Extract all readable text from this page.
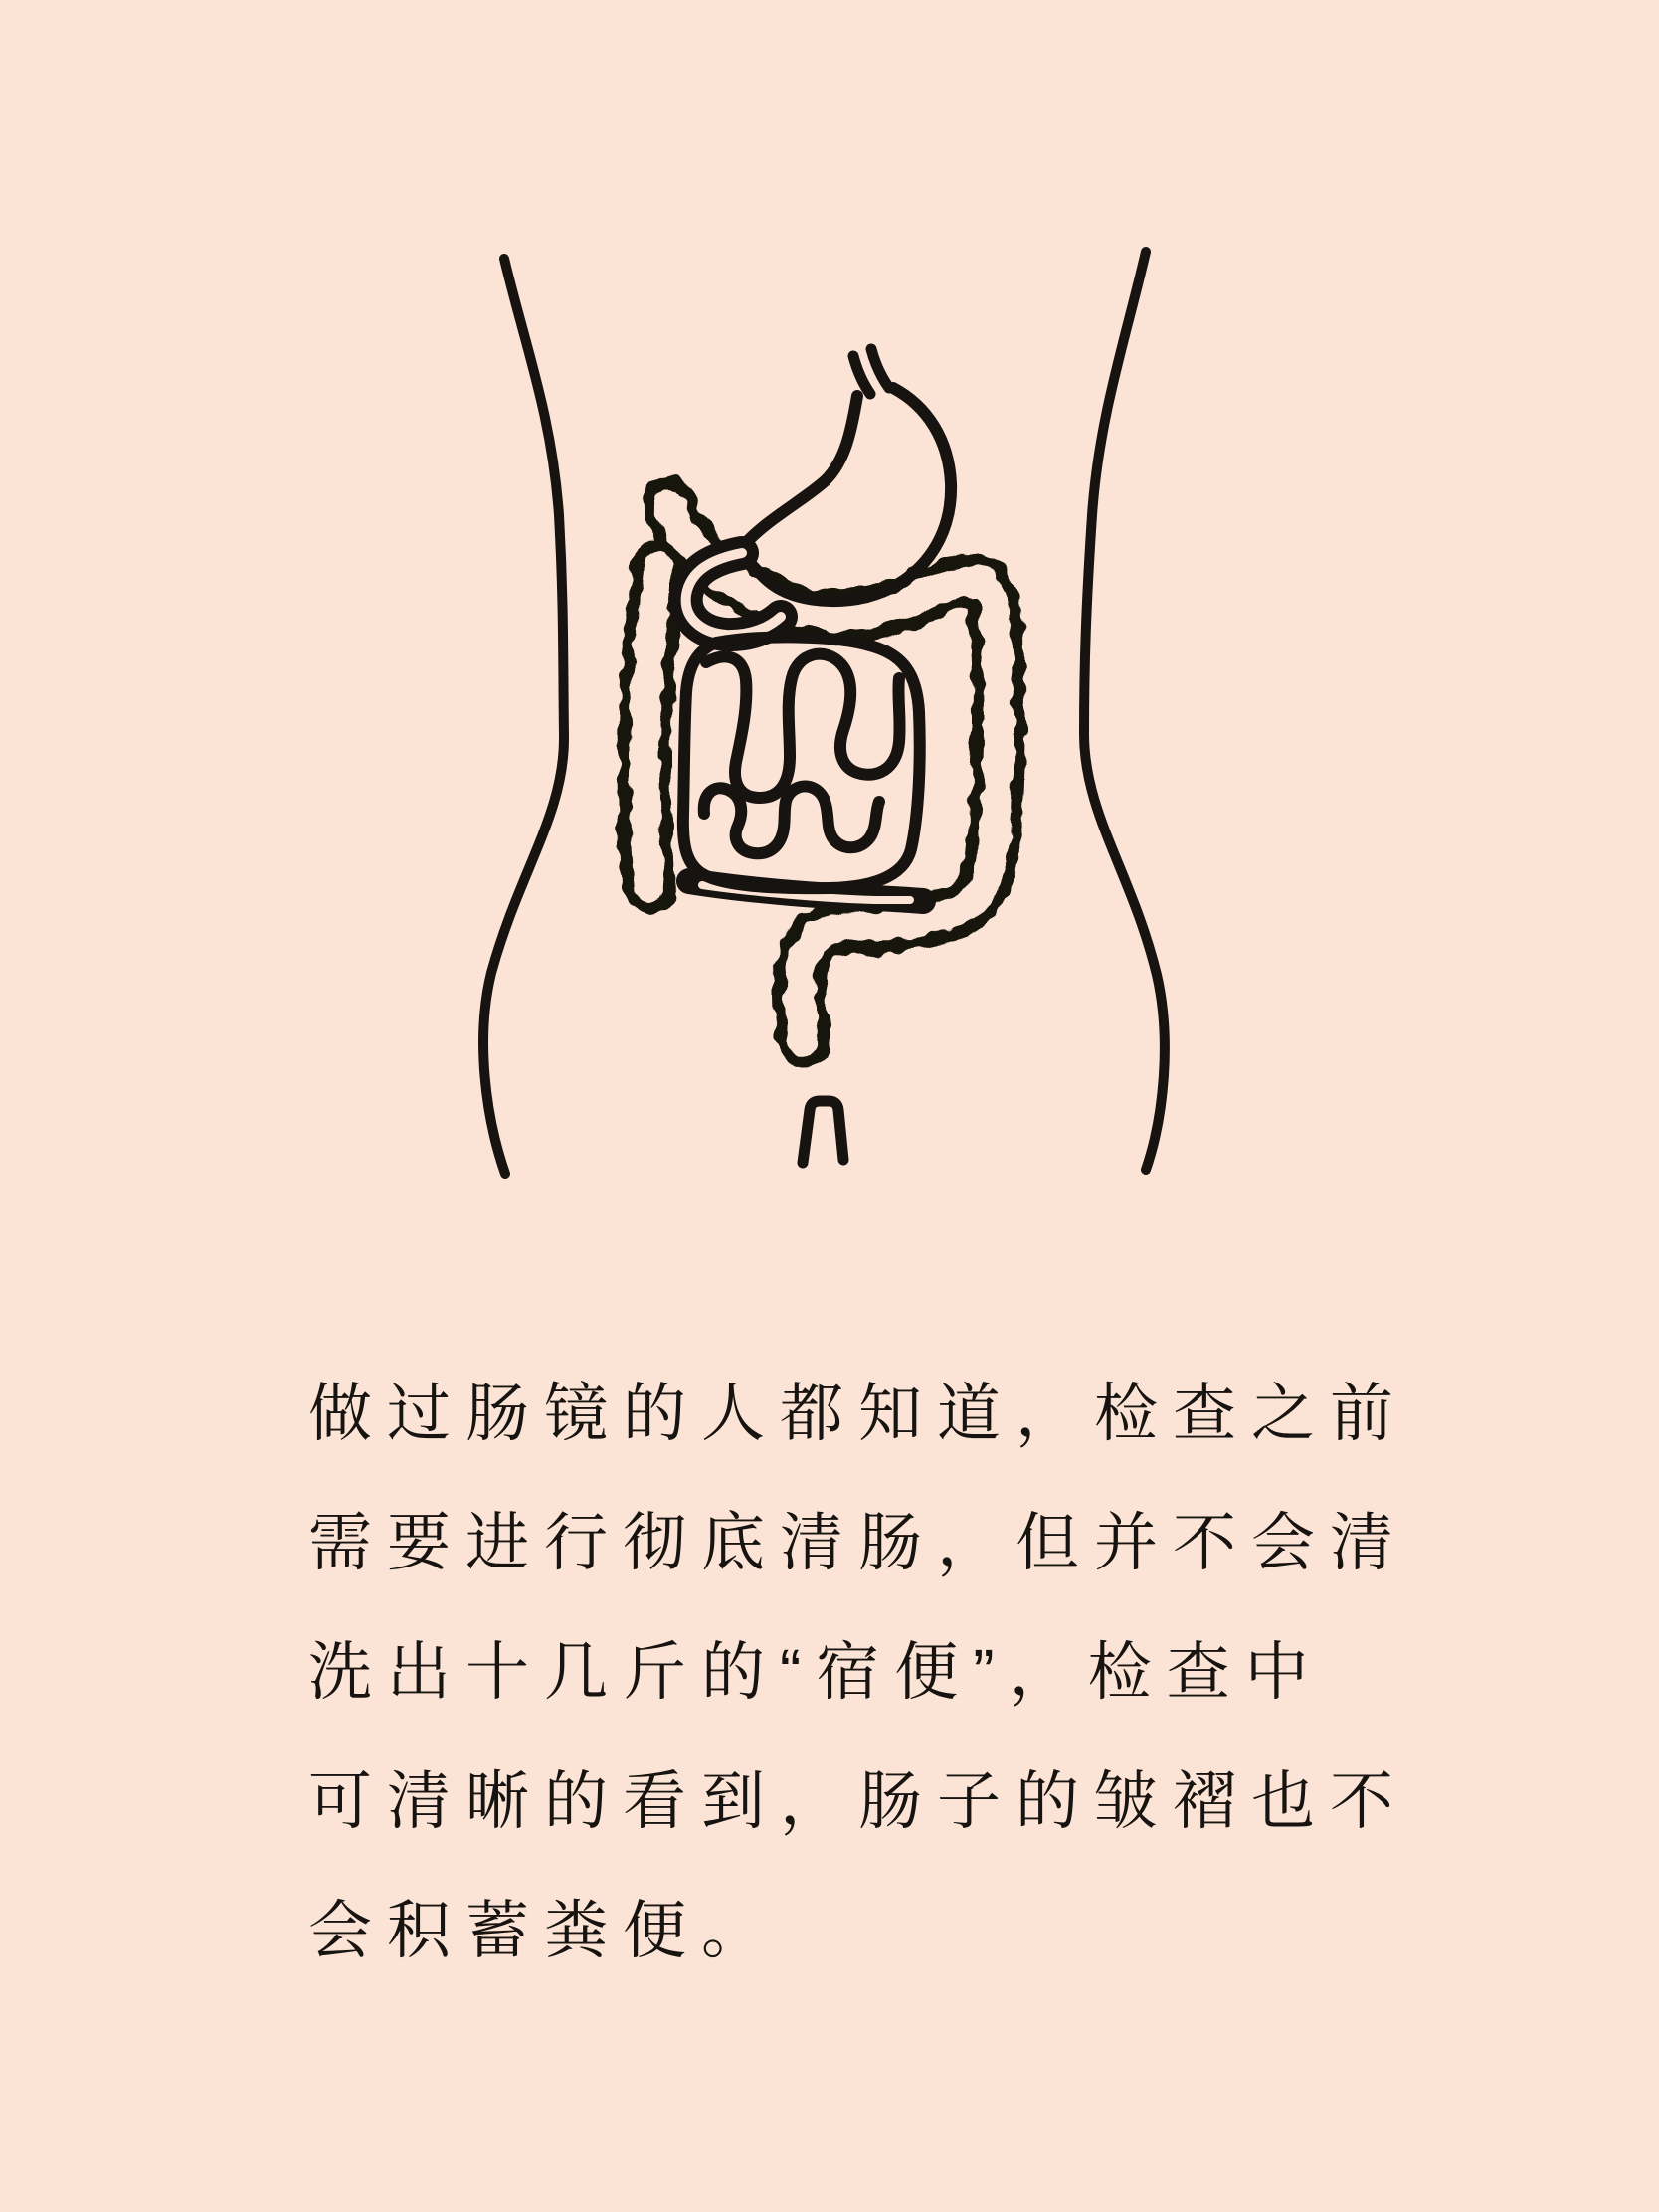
做过肠镜的人都知道，检查之前
需要进行彻底清肠，但并不会清
洗出十几斤的“宿便”，检查中
可清晰的看到，肠子的皱褶也不
会积蓄粪便。
